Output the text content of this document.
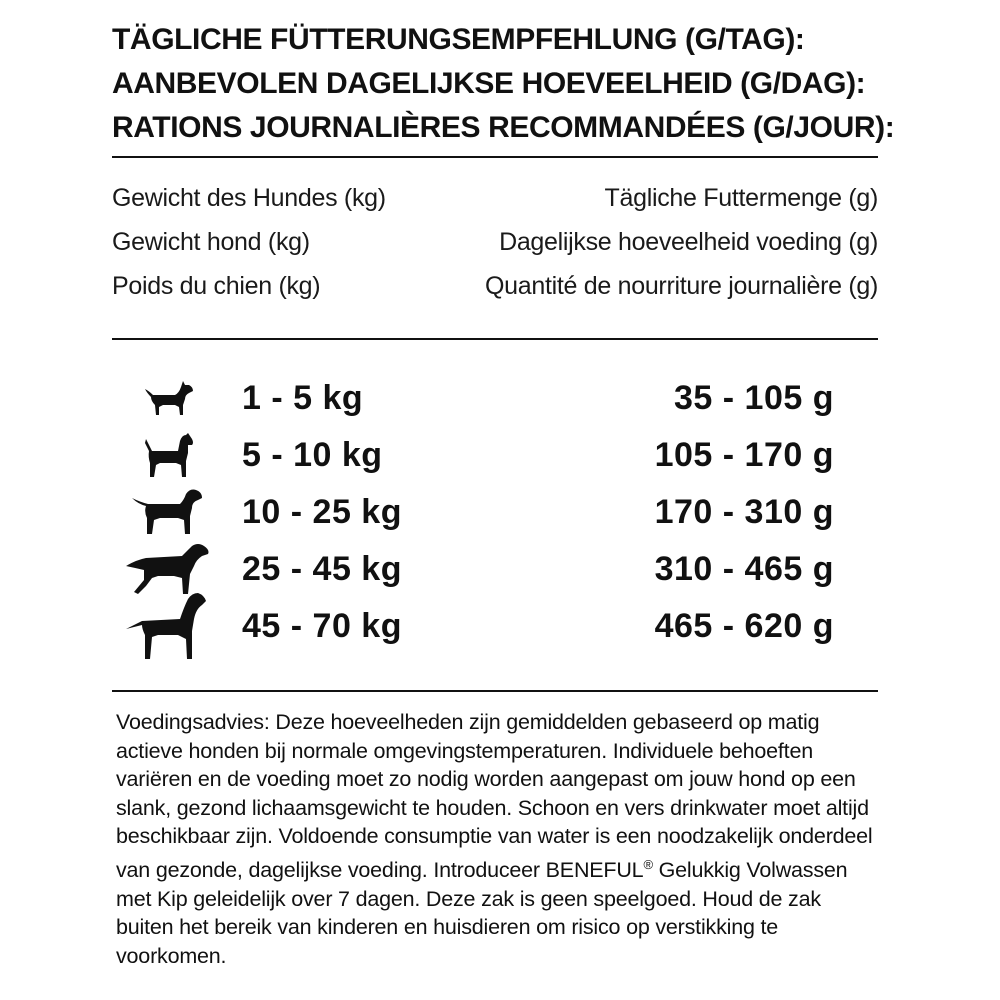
TÄGLICHE FÜTTERUNGSEMPFEHLUNG (G/TAG):
AANBEVOLEN DAGELIJKSE HOEVEELHEID (G/DAG):
RATIONS JOURNALIÈRES RECOMMANDÉES (G/JOUR):
Gewicht des Hundes (kg)	Tägliche Futtermenge (g)
Gewicht hond (kg)	Dagelijkse hoeveelheid voeding (g)
Poids du chien (kg)	Quantité de nourriture journalière (g)
1 - 5 kg	35 - 105 g
5 - 10 kg	105 - 170 g
10 - 25 kg	170 - 310 g
25 - 45 kg	310 - 465 g
45 - 70 kg	465 - 620 g
Voedingsadvies: Deze hoeveelheden zijn gemiddelden gebaseerd op matig actieve honden bij normale omgevingstemperaturen. Individuele behoeften variëren en de voeding moet zo nodig worden aangepast om jouw hond op een slank, gezond lichaamsgewicht te houden. Schoon en vers drinkwater moet altijd beschikbaar zijn. Voldoende consumptie van water is een noodzakelijk onderdeel van gezonde, dagelijkse voeding. Introduceer BENEFUL® Gelukkig Volwassen met Kip geleidelijk over 7 dagen. Deze zak is geen speelgoed. Houd de zak buiten het bereik van kinderen en huisdieren om risico op verstikking te voorkomen.
